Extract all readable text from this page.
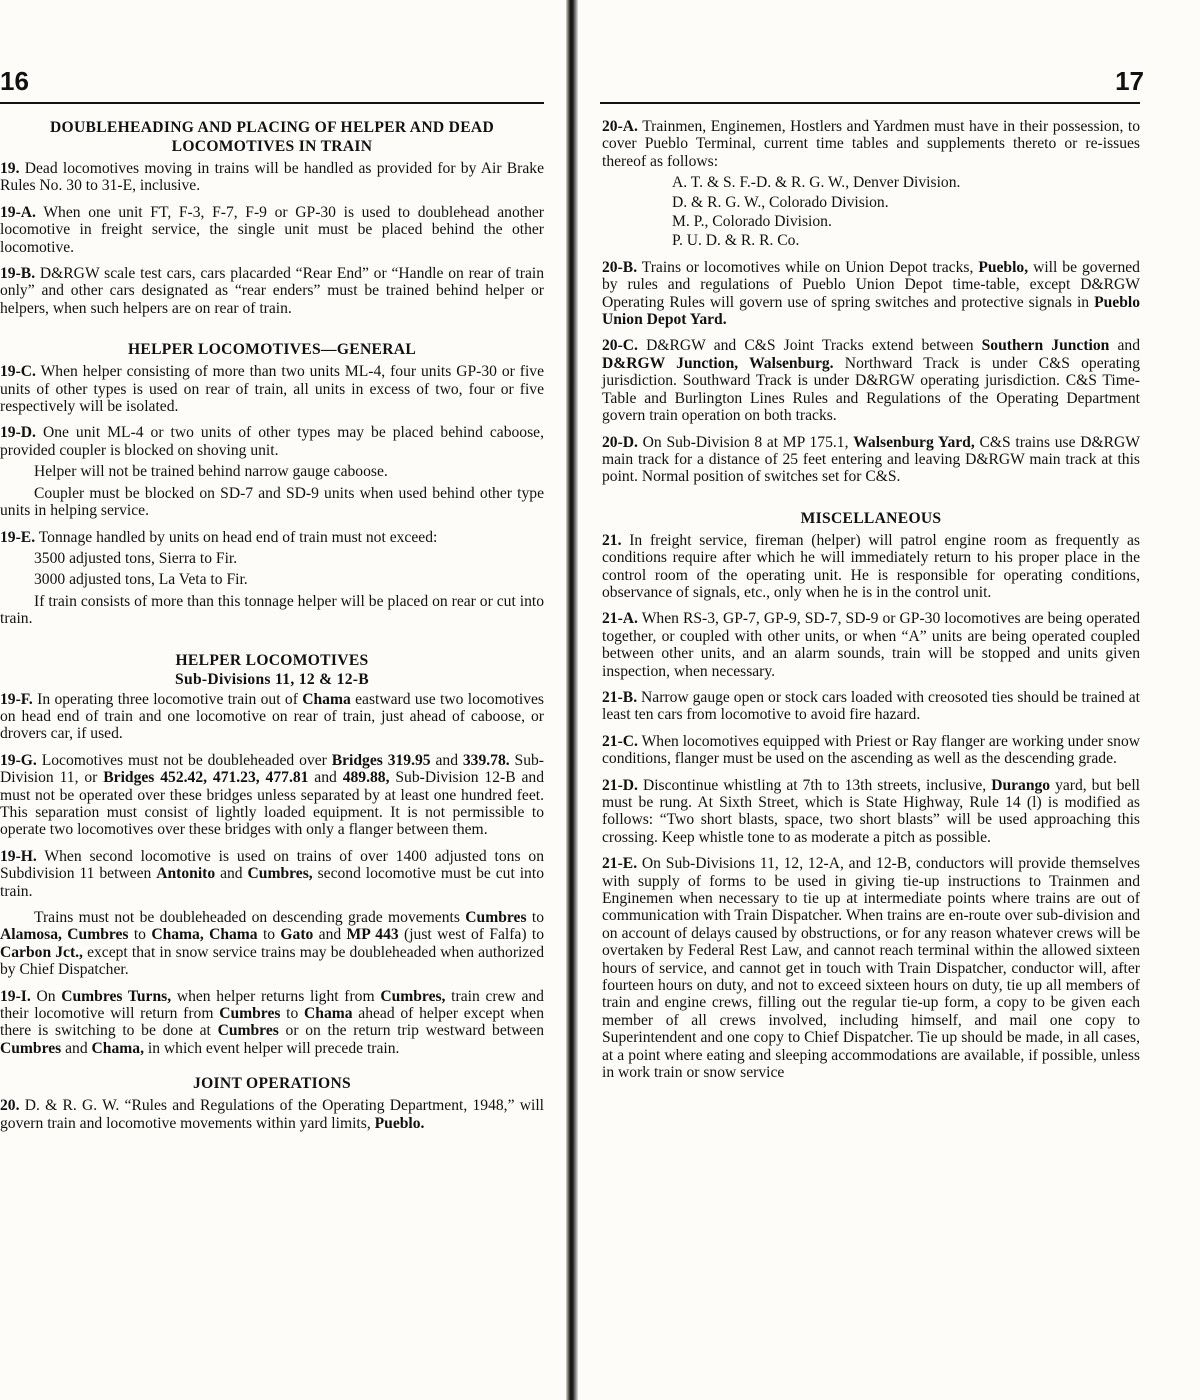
16	17
DOUBLEHEADING AND PLACING OF HELPER AND DEAD LOCOMOTIVES IN TRAIN

19. Dead locomotives moving in trains will be handled as provided for by Air Brake Rules No. 30 to 31-E, inclusive.

19-A. When one unit FT, F-3, F-7, F-9 or GP-30 is used to doublehead another locomotive in freight service, the single unit must be placed behind the other locomotive.

19-B. D&RGW scale test cars, cars placarded “Rear End” or “Handle on rear of train only” and other cars designated as “rear enders” must be trained behind helper or helpers, when such helpers are on rear of train.

HELPER LOCOMOTIVES—GENERAL

19-C. When helper consisting of more than two units ML-4, four units GP-30 or five units of other types is used on rear of train, all units in excess of two, four or five respectively will be isolated.

19-D. One unit ML-4 or two units of other types may be placed behind caboose, provided coupler is blocked on shoving unit.

Helper will not be trained behind narrow gauge caboose.

Coupler must be blocked on SD-7 and SD-9 units when used behind other type units in helping service.

19-E. Tonnage handled by units on head end of train must not exceed:

3500 adjusted tons, Sierra to Fir.

3000 adjusted tons, La Veta to Fir.

If train consists of more than this tonnage helper will be placed on rear or cut into train.

HELPER LOCOMOTIVES
Sub-Divisions 11, 12 & 12-B

19-F. In operating three locomotive train out of Chama eastward use two locomotives on head end of train and one locomotive on rear of train, just ahead of caboose, or drovers car, if used.

19-G. Locomotives must not be doubleheaded over Bridges 319.95 and 339.78. Sub-Division 11, or Bridges 452.42, 471.23, 477.81 and 489.88, Sub-Division 12-B and must not be operated over these bridges unless separated by at least one hundred feet. This separation must consist of lightly loaded equipment. It is not permissible to operate two locomotives over these bridges with only a flanger between them.

19-H. When second locomotive is used on trains of over 1400 adjusted tons on Subdivision 11 between Antonito and Cumbres, second locomotive must be cut into train.

Trains must not be doubleheaded on descending grade movements Cumbres to Alamosa, Cumbres to Chama, Chama to Gato and MP 443 (just west of Falfa) to Carbon Jct., except that in snow service trains may be doubleheaded when authorized by Chief Dispatcher.

19-I. On Cumbres Turns, when helper returns light from Cumbres, train crew and their locomotive will return from Cumbres to Chama ahead of helper except when there is switching to be done at Cumbres or on the return trip westward between Cumbres and Chama, in which event helper will precede train.

JOINT OPERATIONS

20. D. & R. G. W. “Rules and Regulations of the Operating Department, 1948,” will govern train and locomotive movements within yard limits, Pueblo.

20-A. Trainmen, Enginemen, Hostlers and Yardmen must have in their possession, to cover Pueblo Terminal, current time tables and supplements thereto or re-issues thereof as follows:

A. T. & S. F.-D. & R. G. W., Denver Division.
D. & R. G. W., Colorado Division.
M. P., Colorado Division.
P. U. D. & R. R. Co.

20-B. Trains or locomotives while on Union Depot tracks, Pueblo, will be governed by rules and regulations of Pueblo Union Depot time-table, except D&RGW Operating Rules will govern use of spring switches and protective signals in Pueblo Union Depot Yard.

20-C. D&RGW and C&S Joint Tracks extend between Southern Junction and D&RGW Junction, Walsenburg. Northward Track is under C&S operating jurisdiction. Southward Track is under D&RGW operating jurisdiction. C&S Time-Table and Burlington Lines Rules and Regulations of the Operating Department govern train operation on both tracks.

20-D. On Sub-Division 8 at MP 175.1, Walsenburg Yard, C&S trains use D&RGW main track for a distance of 25 feet entering and leaving D&RGW main track at this point. Normal position of switches set for C&S.

MISCELLANEOUS

21. In freight service, fireman (helper) will patrol engine room as frequently as conditions require after which he will immediately return to his proper place in the control room of the operating unit. He is responsible for operating conditions, observance of signals, etc., only when he is in the control unit.

21-A. When RS-3, GP-7, GP-9, SD-7, SD-9 or GP-30 locomotives are being operated together, or coupled with other units, or when “A” units are being operated coupled between other units, and an alarm sounds, train will be stopped and units given inspection, when necessary.

21-B. Narrow gauge open or stock cars loaded with creosoted ties should be trained at least ten cars from locomotive to avoid fire hazard.

21-C. When locomotives equipped with Priest or Ray flanger are working under snow conditions, flanger must be used on the ascending as well as the descending grade.

21-D. Discontinue whistling at 7th to 13th streets, inclusive, Durango yard, but bell must be rung. At Sixth Street, which is State Highway, Rule 14 (l) is modified as follows: “Two short blasts, space, two short blasts” will be used approaching this crossing. Keep whistle tone to as moderate a pitch as possible.

21-E. On Sub-Divisions 11, 12, 12-A, and 12-B, conductors will provide themselves with supply of forms to be used in giving tie-up instructions to Trainmen and Enginemen when necessary to tie up at intermediate points where trains are out of communication with Train Dispatcher. When trains are en-route over sub-division and on account of delays caused by obstructions, or for any reason whatever crews will be overtaken by Federal Rest Law, and cannot reach terminal within the allowed sixteen hours of service, and cannot get in touch with Train Dispatcher, conductor will, after fourteen hours on duty, and not to exceed sixteen hours on duty, tie up all members of train and engine crews, filling out the regular tie-up form, a copy to be given each member of all crews involved, including himself, and mail one copy to Superintendent and one copy to Chief Dispatcher. Tie up should be made, in all cases, at a point where eating and sleeping accommodations are available, if possible, unless in work train or snow service
